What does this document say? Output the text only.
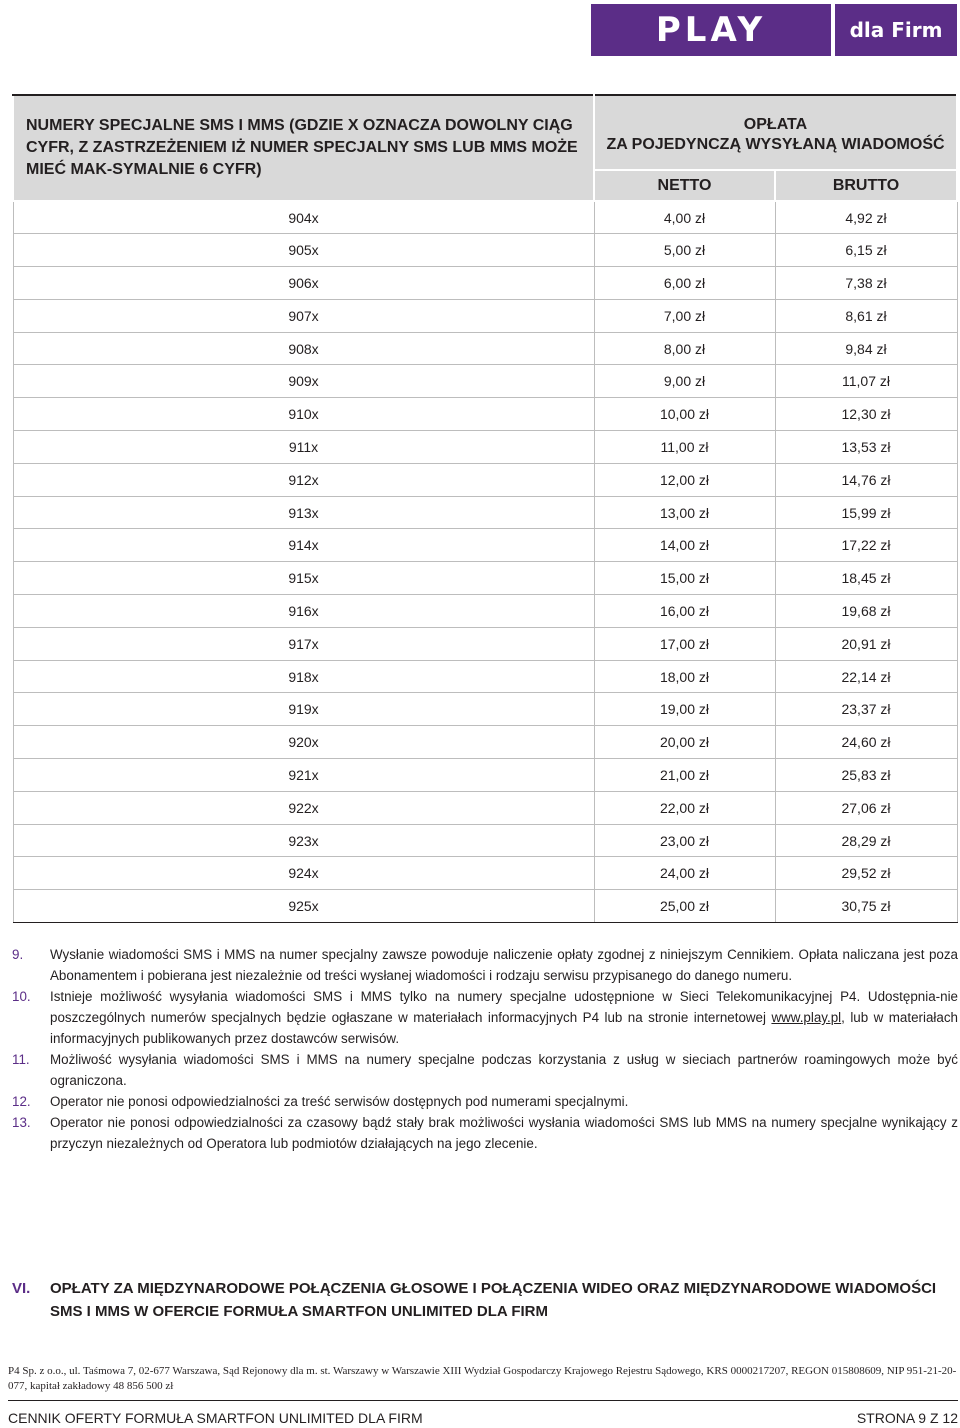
PLAY	dla Firm
NUMERY SPECJALNE SMS I MMS (GDZIE X OZNACZA DOWOLNY CIĄG CYFR, Z ZASTRZEŻENIEM IŻ NUMER SPECJALNY SMS LUB MMS MOŻE MIEĆ MAK-SYMALNIE 6 CYFR)	OPŁATA
ZA POJEDYNCZĄ WYSYŁANĄ WIADOMOŚĆ	

	NETTO	BRUTTO
904x	4,00 zł	4,92 zł
905x	5,00 zł	6,15 zł
906x	6,00 zł	7,38 zł
907x	7,00 zł	8,61 zł
908x	8,00 zł	9,84 zł
909x	9,00 zł	11,07 zł
910x	10,00 zł	12,30 zł
911x	11,00 zł	13,53 zł
912x	12,00 zł	14,76 zł
913x	13,00 zł	15,99 zł
914x	14,00 zł	17,22 zł
915x	15,00 zł	18,45 zł
916x	16,00 zł	19,68 zł
917x	17,00 zł	20,91 zł
918x	18,00 zł	22,14 zł
919x	19,00 zł	23,37 zł
920x	20,00 zł	24,60 zł
921x	21,00 zł	25,83 zł
922x	22,00 zł	27,06 zł
923x	23,00 zł	28,29 zł
924x	24,00 zł	29,52 zł
925x	25,00 zł	30,75 zł
9.	Wysłanie wiadomości SMS i MMS na numer specjalny zawsze powoduje naliczenie opłaty zgodnej z niniejszym Cennikiem. Opłata naliczana jest poza Abonamentem i pobierana jest niezależnie od treści wysłanej wiadomości i rodzaju serwisu przypisanego do danego numeru.
10.	Istnieje możliwość wysyłania wiadomości SMS i MMS tylko na numery specjalne udostępnione w Sieci Telekomunikacyjnej P4. Udostępnia-nie poszczególnych numerów specjalnych będzie ogłaszane w materiałach informacyjnych P4 lub na stronie internetowej www.play.pl, lub w materiałach informacyjnych publikowanych przez dostawców serwisów.
11.	Możliwość wysyłania wiadomości SMS i MMS na numery specjalne podczas korzystania z usług w sieciach partnerów roamingowych może być ograniczona.
12.	Operator nie ponosi odpowiedzialności za treść serwisów dostępnych pod numerami specjalnymi.
13.	Operator nie ponosi odpowiedzialności za czasowy bądź stały brak możliwości wysłania wiadomości SMS lub MMS na numery specjalne wynikający z przyczyn niezależnych od Operatora lub podmiotów działających na jego zlecenie.
VI.	OPŁATY ZA MIĘDZYNARODOWE POŁĄCZENIA GŁOSOWE I POŁĄCZENIA WIDEO ORAZ MIĘDZYNARODOWE WIADOMOŚCI SMS I MMS W OFERCIE FORMUŁA SMARTFON UNLIMITED DLA FIRM
P4 Sp. z o.o., ul. Taśmowa 7, 02-677 Warszawa, Sąd Rejonowy dla m. st. Warszawy w Warszawie XIII Wydział Gospodarczy Krajowego Rejestru Sądowego, KRS 0000217207, REGON 015808609, NIP 951-21-20-077, kapitał zakładowy 48 856 500 zł
CENNIK OFERTY FORMUŁA SMARTFON UNLIMITED DLA FIRM	STRONA 9 Z 12
